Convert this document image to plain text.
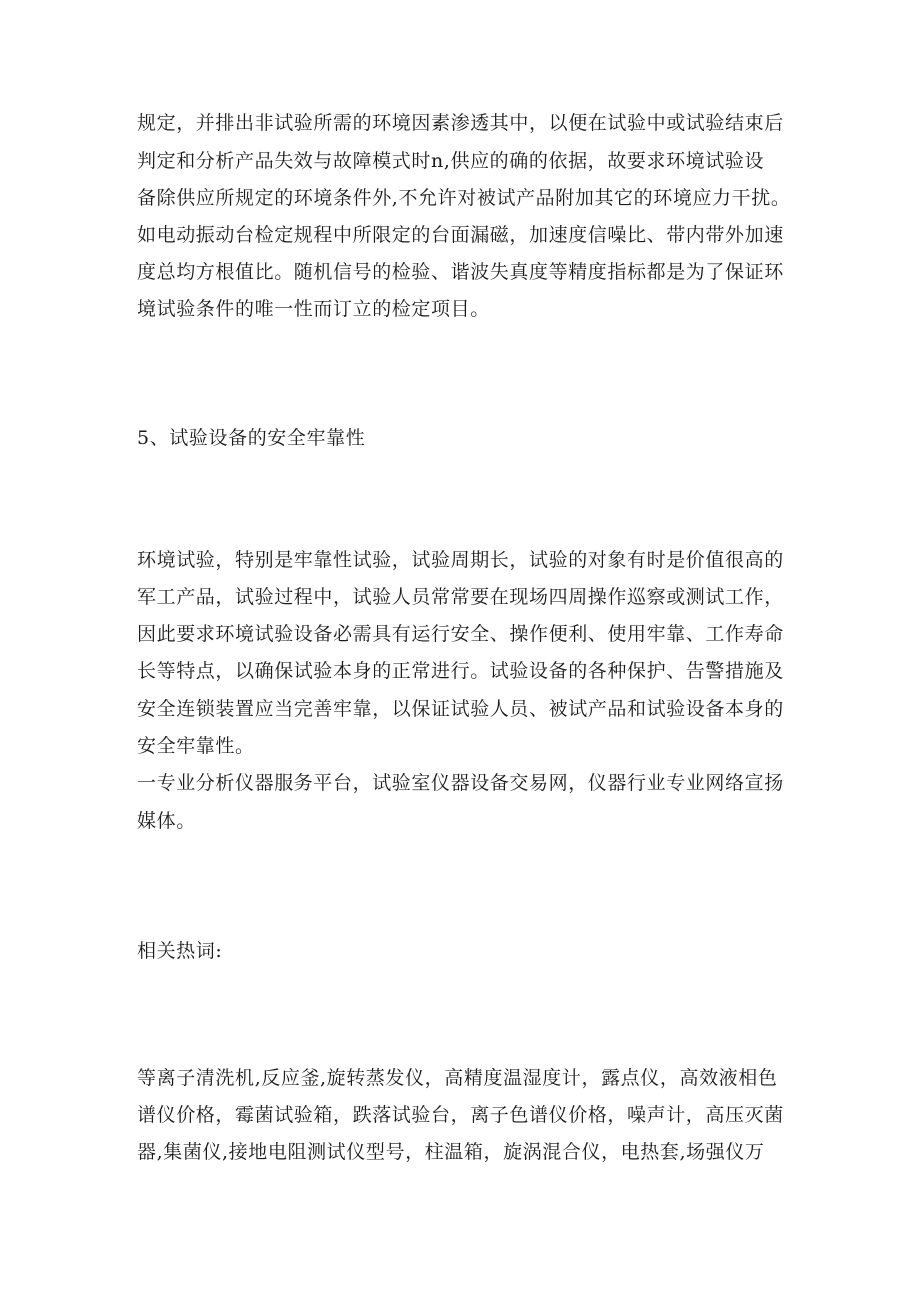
规定，并排出非试验所需的环境因素渗透其中，以便在试验中或试验结束后

判定和分析产品失效与故障模式时n,供应的确的依据，故要求环境试验设

备除供应所规定的环境条件外,不允许对被试产品附加其它的环境应力干扰。

如电动振动台检定规程中所限定的台面漏磁，加速度信噪比、带内带外加速

度总均方根值比。随机信号的检验、谐波失真度等精度指标都是为了保证环

境试验条件的唯一性而订立的检定项目。

5、试验设备的安全牢靠性

环境试验，特别是牢靠性试验，试验周期长，试验的对象有时是价值很高的

军工产品，试验过程中，试验人员常常要在现场四周操作巡察或测试工作，

因此要求环境试验设备必需具有运行安全、操作便利、使用牢靠、工作寿命

长等特点，以确保试验本身的正常进行。试验设备的各种保护、告警措施及

安全连锁装置应当完善牢靠，以保证试验人员、被试产品和试验设备本身的

安全牢靠性。

一专业分析仪器服务平台，试验室仪器设备交易网，仪器行业专业网络宣扬

媒体。

相关热词:

等离子清洗机,反应釜,旋转蒸发仪，高精度温湿度计，露点仪，高效液相色

谱仪价格，霉菌试验箱，跌落试验台，离子色谱仪价格，噪声计，高压灭菌

器,集菌仪,接地电阻测试仪型号，柱温箱，旋涡混合仪，电热套,场强仪万
